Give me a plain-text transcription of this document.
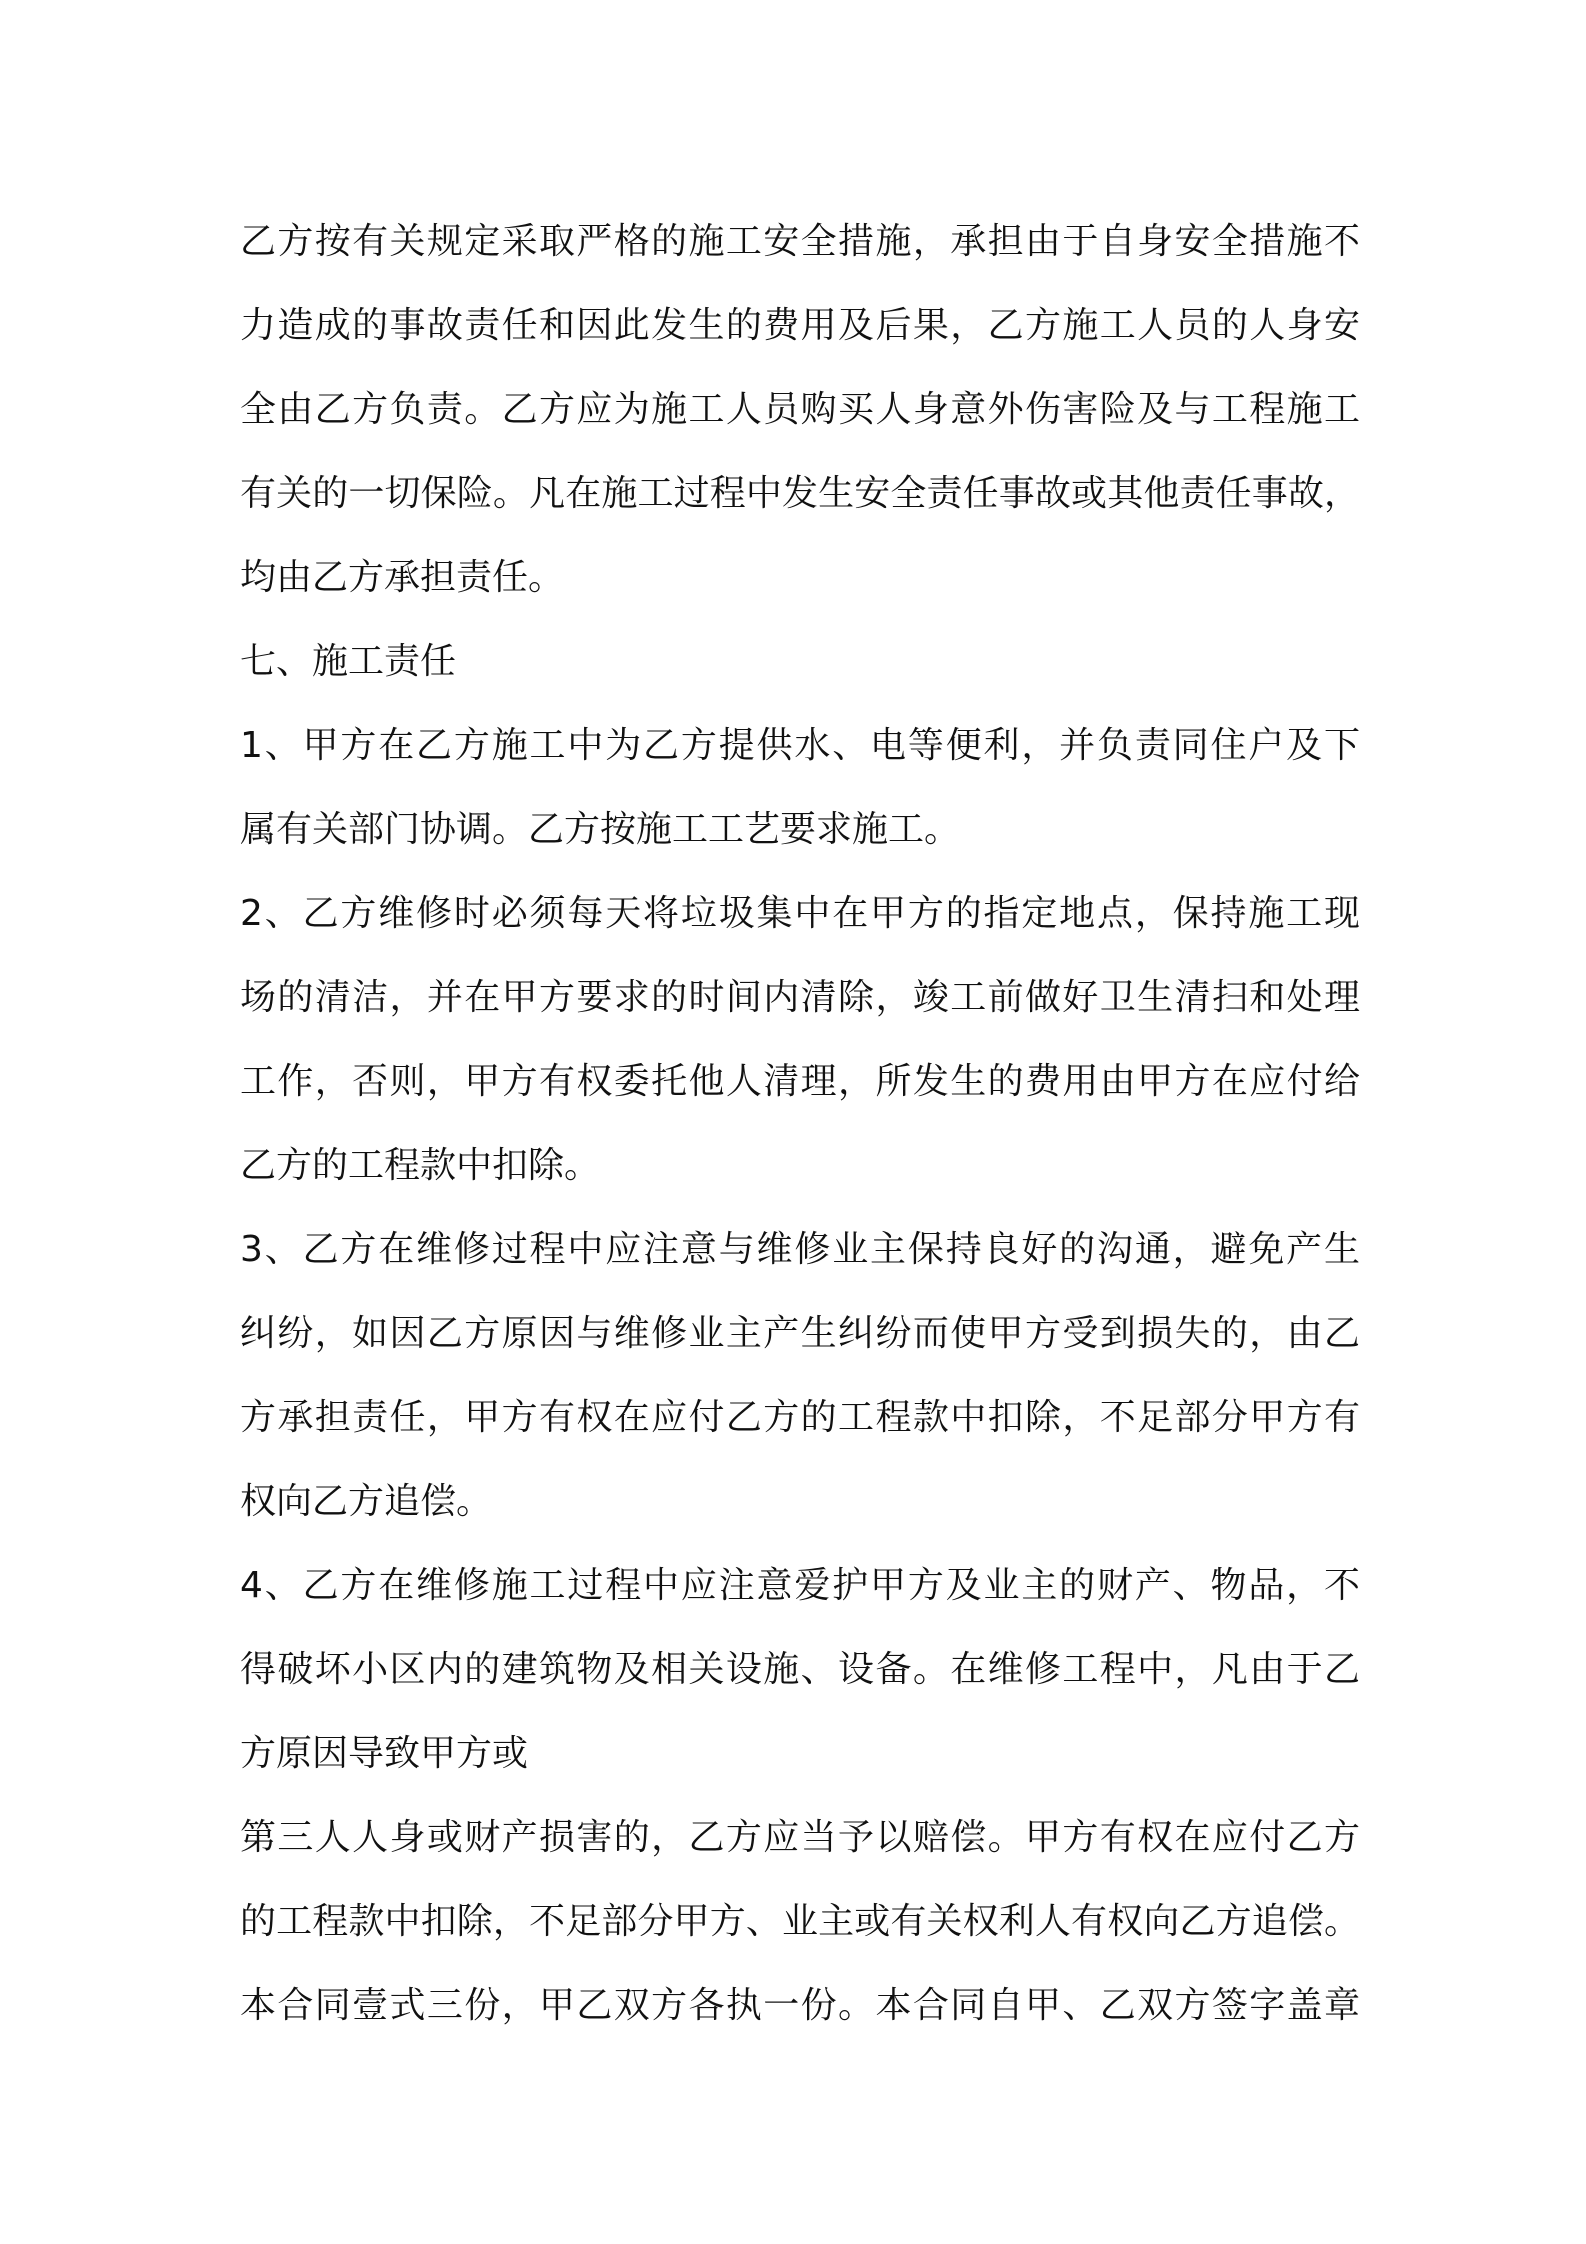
乙方按有关规定采取严格的施工安全措施，承担由于自身安全措施不
力造成的事故责任和因此发生的费用及后果，乙方施工人员的人身安
全由乙方负责。乙方应为施工人员购买人身意外伤害险及与工程施工
有关的一切保险。凡在施工过程中发生安全责任事故或其他责任事故，
均由乙方承担责任。
七、施工责任
1、甲方在乙方施工中为乙方提供水、电等便利，并负责同住户及下
属有关部门协调。乙方按施工工艺要求施工。
2、乙方维修时必须每天将垃圾集中在甲方的指定地点，保持施工现
场的清洁，并在甲方要求的时间内清除，竣工前做好卫生清扫和处理
工作，否则，甲方有权委托他人清理，所发生的费用由甲方在应付给
乙方的工程款中扣除。
3、乙方在维修过程中应注意与维修业主保持良好的沟通，避免产生
纠纷，如因乙方原因与维修业主产生纠纷而使甲方受到损失的，由乙
方承担责任，甲方有权在应付乙方的工程款中扣除，不足部分甲方有
权向乙方追偿。
4、乙方在维修施工过程中应注意爱护甲方及业主的财产、物品，不
得破坏小区内的建筑物及相关设施、设备。在维修工程中，凡由于乙
方原因导致甲方或
第三人人身或财产损害的，乙方应当予以赔偿。甲方有权在应付乙方
的工程款中扣除，不足部分甲方、业主或有关权利人有权向乙方追偿。
本合同壹式三份，甲乙双方各执一份。本合同自甲、乙双方签字盖章
